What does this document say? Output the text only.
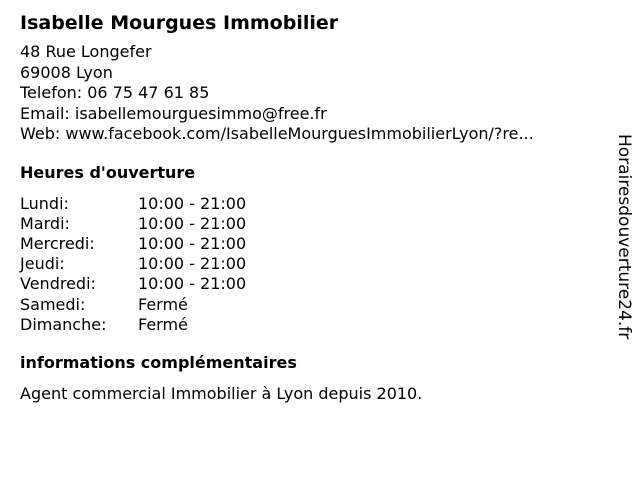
Isabelle Mourgues Immobilier
48 Rue Longefer
69008 Lyon
Telefon: 06 75 47 61 85
Email: isabellemourguesimmo@free.fr
Web: www.facebook.com/IsabelleMourguesImmobilierLyon/?re...
Heures d'ouverture
Lundi:	10:00 - 21:00
Mardi:	10:00 - 21:00
Mercredi:	10:00 - 21:00
Jeudi:	10:00 - 21:00
Vendredi:	10:00 - 21:00
Samedi:	Fermé
Dimanche:	Fermé
informations complémentaires
Agent commercial Immobilier à Lyon depuis 2010.
Horairesdouverture24.fr
